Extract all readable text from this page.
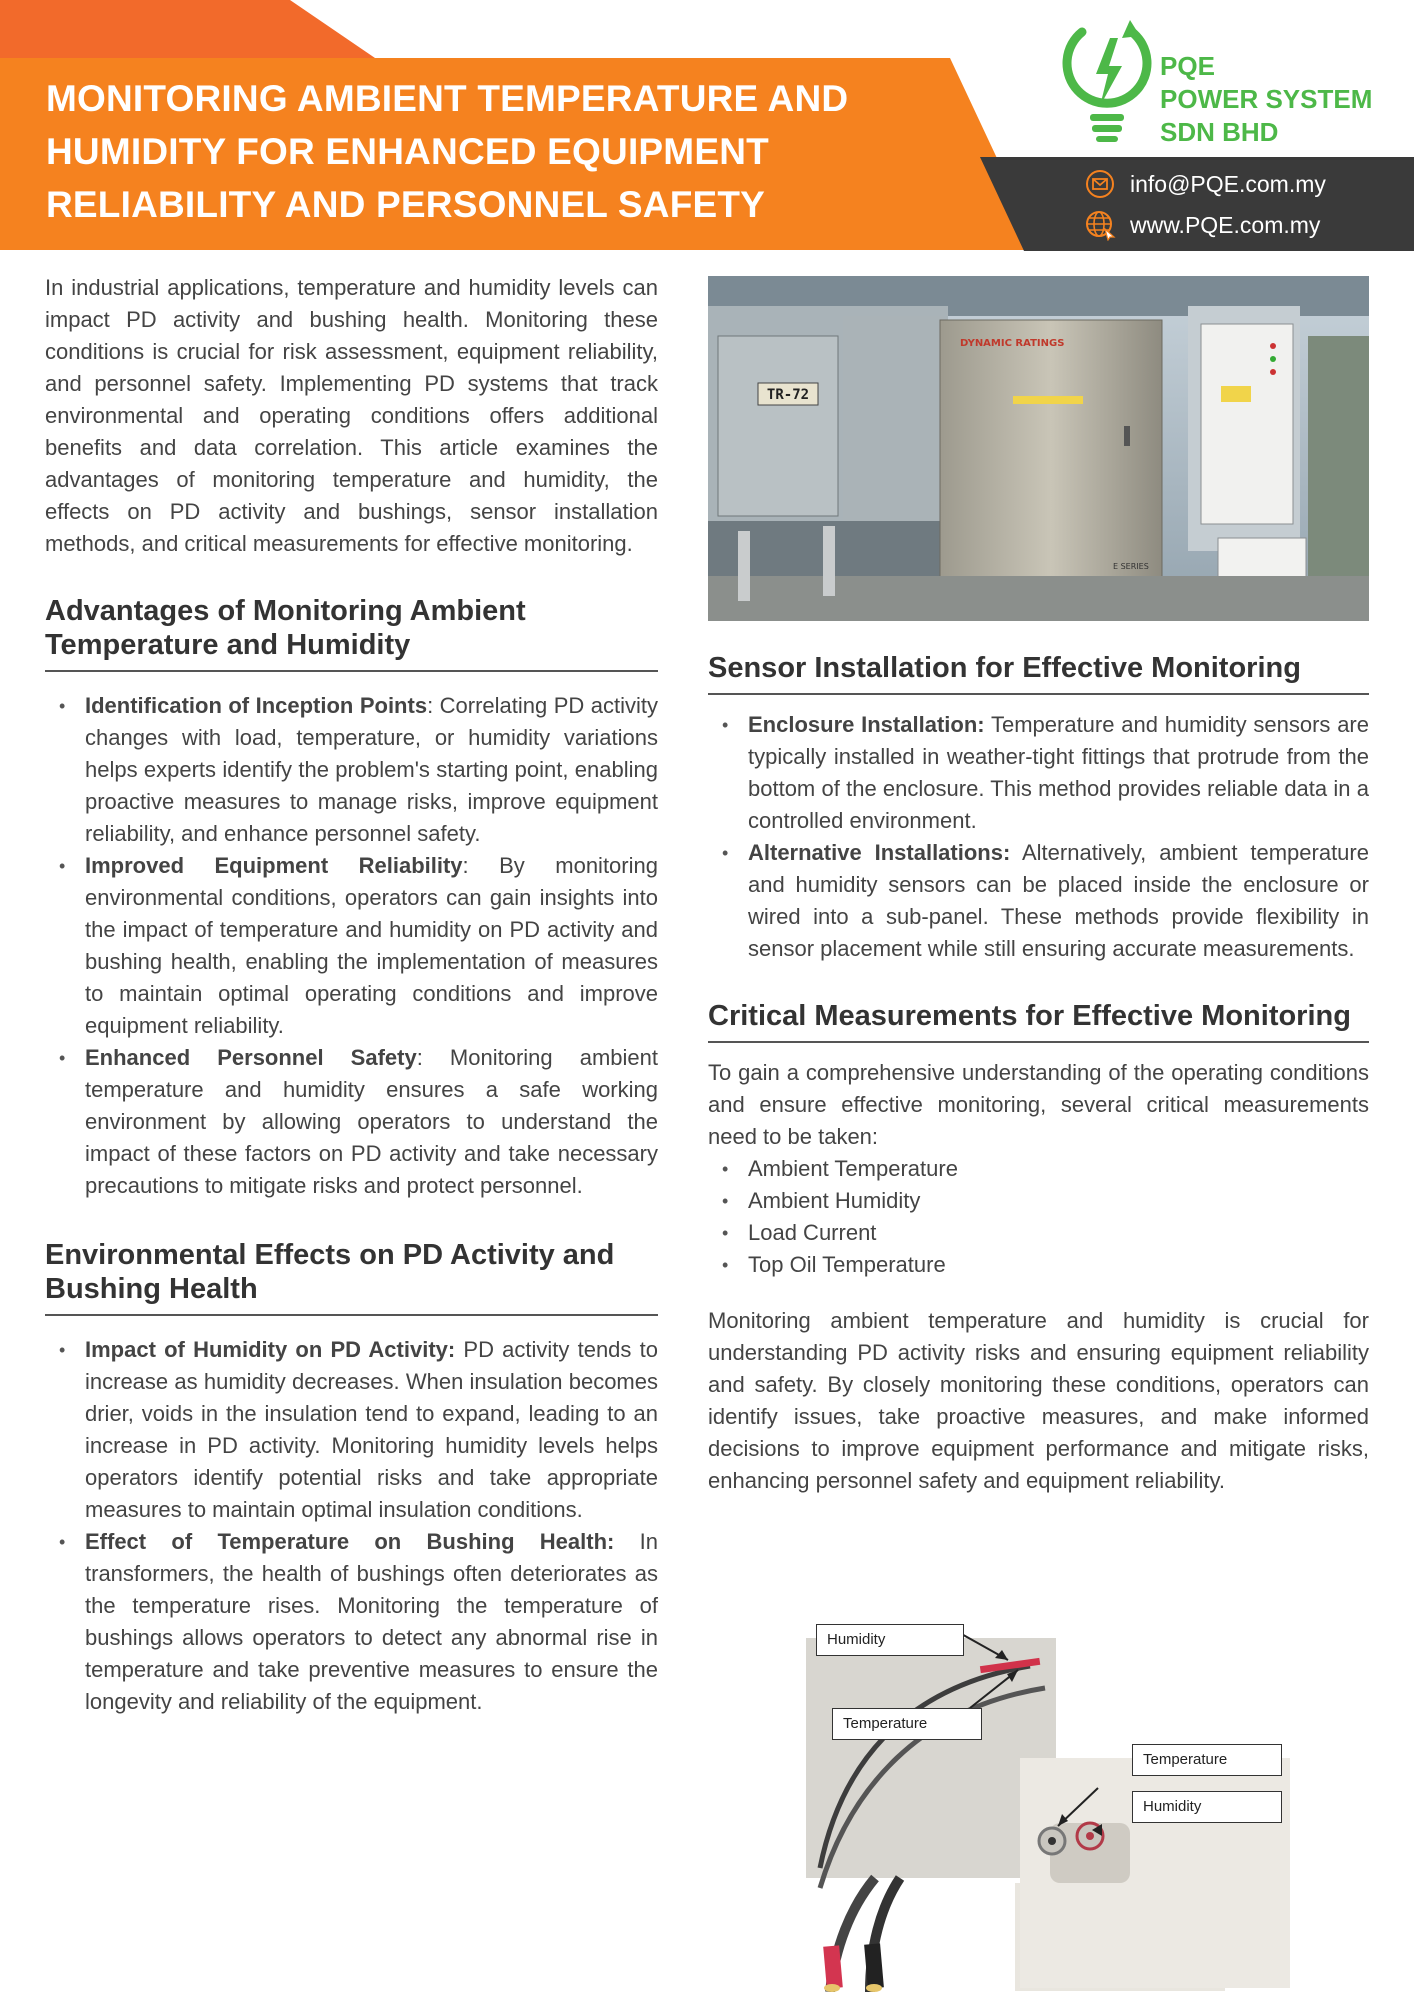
MONITORING AMBIENT TEMPERATURE AND
HUMIDITY FOR ENHANCED EQUIPMENT
RELIABILITY AND PERSONNEL SAFETY
PQE
POWER SYSTEM
SDN BHD
info@PQE.com.my
www.PQE.com.my

In industrial applications, temperature and humidity levels can impact PD activity and bushing health. Monitoring these conditions is crucial for risk assessment, equipment reliability, and personnel safety. Implementing PD systems that track environmental and operating conditions offers additional benefits and data correlation. This article examines the advantages of monitoring temperature and humidity, the effects on PD activity and bushings, sensor installation methods, and critical measurements for effective monitoring.

Advantages of Monitoring Ambient Temperature and Humidity
• Identification of Inception Points: Correlating PD activity changes with load, temperature, or humidity variations helps experts identify the problem's starting point, enabling proactive measures to manage risks, improve equipment reliability, and enhance personnel safety.
• Improved Equipment Reliability: By monitoring environmental conditions, operators can gain insights into the impact of temperature and humidity on PD activity and bushing health, enabling the implementation of measures to maintain optimal operating conditions and improve equipment reliability.
• Enhanced Personnel Safety: Monitoring ambient temperature and humidity ensures a safe working environment by allowing operators to understand the impact of these factors on PD activity and take necessary precautions to mitigate risks and protect personnel.
Environmental Effects on PD Activity and Bushing Health
• Impact of Humidity on PD Activity: PD activity tends to increase as humidity decreases. When insulation becomes drier, voids in the insulation tend to expand, leading to an increase in PD activity. Monitoring humidity levels helps operators identify potential risks and take appropriate measures to maintain optimal insulation conditions.
• Effect of Temperature on Bushing Health: In transformers, the health of bushings often deteriorates as the temperature rises. Monitoring the temperature of bushings allows operators to detect any abnormal rise in temperature and take preventive measures to ensure the longevity and reliability of the equipment.
TR-72
DYNAMIC RATINGS
E SERIES
Sensor Installation for Effective Monitoring
• Enclosure Installation: Temperature and humidity sensors are typically installed in weather-tight fittings that protrude from the bottom of the enclosure. This method provides reliable data in a controlled environment.
• Alternative Installations: Alternatively, ambient temperature and humidity sensors can be placed inside the enclosure or wired into a sub-panel. These methods provide flexibility in sensor placement while still ensuring accurate measurements.
Critical Measurements for Effective Monitoring

To gain a comprehensive understanding of the operating conditions and ensure effective monitoring, several critical measurements need to be taken:

• Ambient Temperature
• Ambient Humidity
• Load Current
• Top Oil Temperature

Monitoring ambient temperature and humidity is crucial for understanding PD activity risks and ensuring equipment reliability and safety. By closely monitoring these conditions, operators can identify issues, take proactive measures, and make informed decisions to improve equipment performance and mitigate risks, enhancing personnel safety and equipment reliability.

Humidity
Temperature
Temperature
Humidity
